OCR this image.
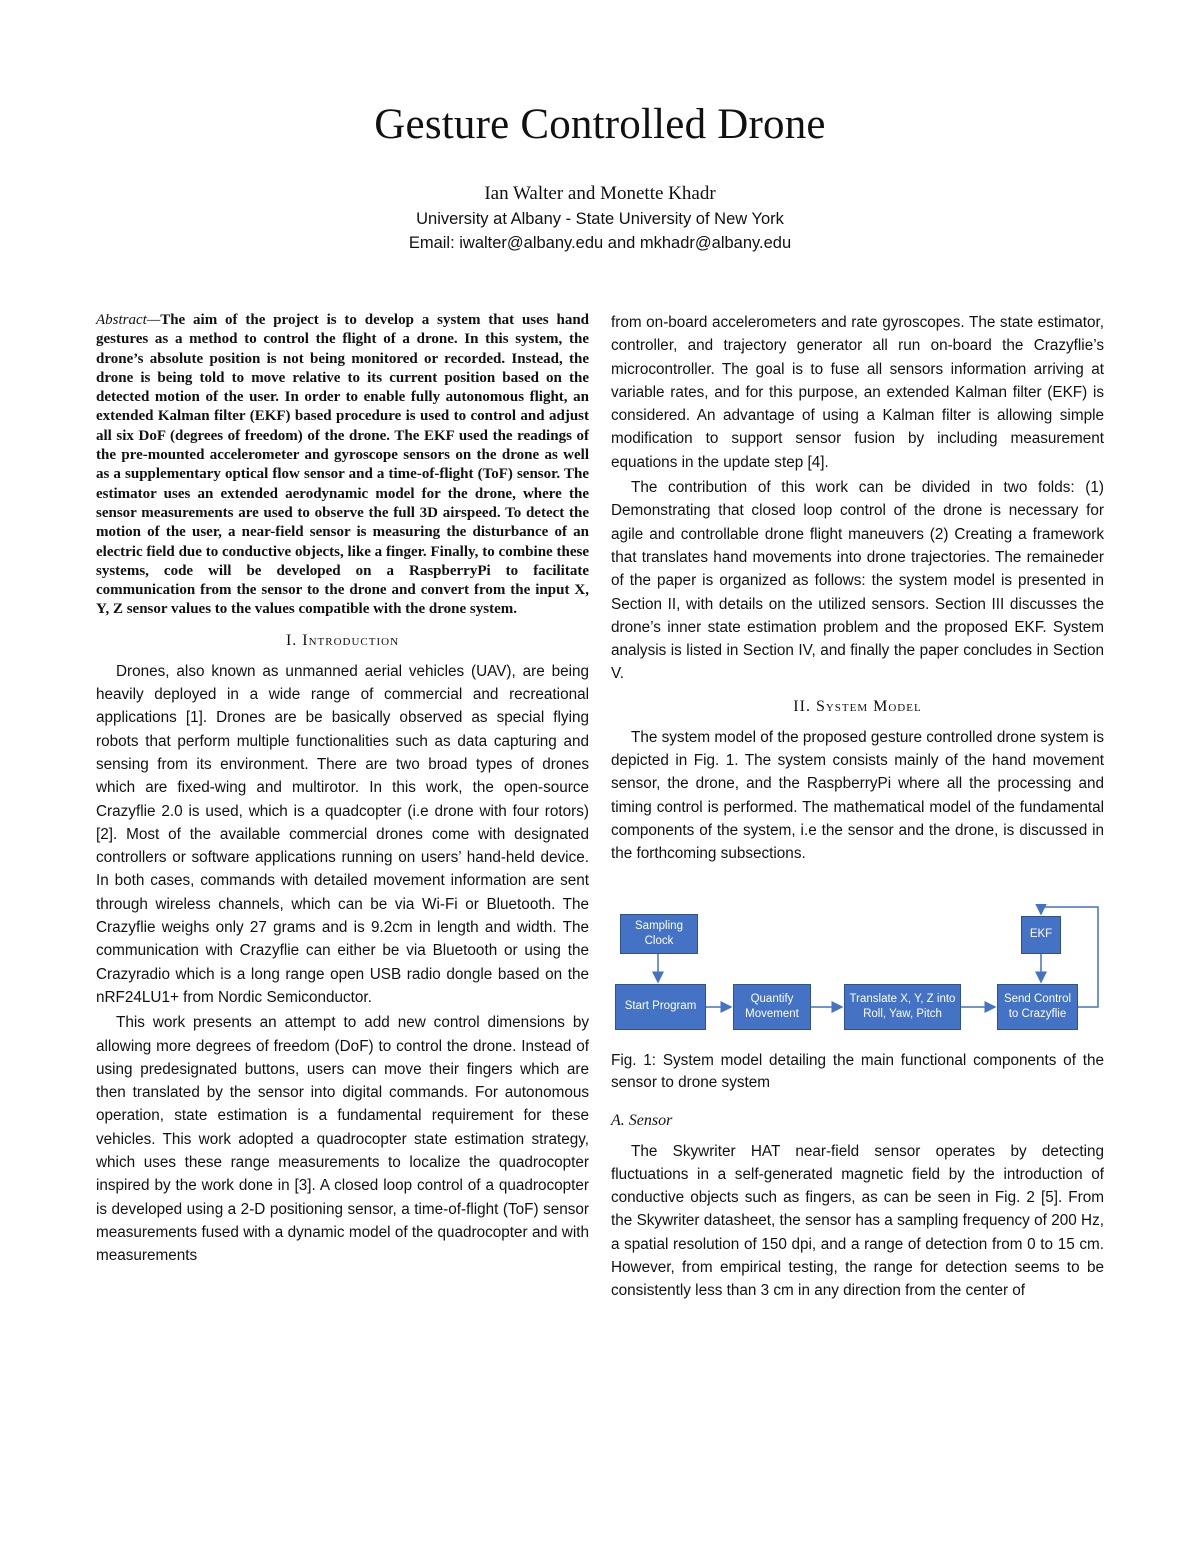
Gesture Controlled Drone
Ian Walter and Monette Khadr
University at Albany - State University of New York
Email: iwalter@albany.edu and mkhadr@albany.edu

Abstract—The aim of the project is to develop a system that uses hand gestures as a method to control the flight of a drone. In this system, the drone’s absolute position is not being monitored or recorded. Instead, the drone is being told to move relative to its current position based on the detected motion of the user. In order to enable fully autonomous flight, an extended Kalman filter (EKF) based procedure is used to control and adjust all six DoF (degrees of freedom) of the drone. The EKF used the readings of the pre-mounted accelerometer and gyroscope sensors on the drone as well as a supplementary optical flow sensor and a time-of-flight (ToF) sensor. The estimator uses an extended aerodynamic model for the drone, where the sensor measurements are used to observe the full 3D airspeed. To detect the motion of the user, a near-field sensor is measuring the disturbance of an electric field due to conductive objects, like a finger. Finally, to combine these systems, code will be developed on a RaspberryPi to facilitate communication from the sensor to the drone and convert from the input X, Y, Z sensor values to the values compatible with the drone system.

I. Introduction

Drones, also known as unmanned aerial vehicles (UAV), are being heavily deployed in a wide range of commercial and recreational applications [1]. Drones are be basically observed as special flying robots that perform multiple functionalities such as data capturing and sensing from its environment. There are two broad types of drones which are fixed-wing and multirotor. In this work, the open-source Crazyflie 2.0 is used, which is a quadcopter (i.e drone with four rotors) [2]. Most of the available commercial drones come with designated controllers or software applications running on users’ hand-held device. In both cases, commands with detailed movement information are sent through wireless channels, which can be via Wi-Fi or Bluetooth. The Crazyflie weighs only 27 grams and is 9.2cm in length and width. The communication with Crazyflie can either be via Bluetooth or using the Crazyradio which is a long range open USB radio dongle based on the nRF24LU1+ from Nordic Semiconductor.

This work presents an attempt to add new control dimensions by allowing more degrees of freedom (DoF) to control the drone. Instead of using predesignated buttons, users can move their fingers which are then translated by the sensor into digital commands. For autonomous operation, state estimation is a fundamental requirement for these vehicles. This work adopted a quadrocopter state estimation strategy, which uses these range measurements to localize the quadrocopter inspired by the work done in [3]. A closed loop control of a quadrocopter is developed using a 2-D positioning sensor, a time-of-flight (ToF) sensor measurements fused with a dynamic model of the quadrocopter and with measurements

from on-board accelerometers and rate gyroscopes. The state estimator, controller, and trajectory generator all run on-board the Crazyflie’s microcontroller. The goal is to fuse all sensors information arriving at variable rates, and for this purpose, an extended Kalman filter (EKF) is considered. An advantage of using a Kalman filter is allowing simple modification to support sensor fusion by including measurement equations in the update step [4].

The contribution of this work can be divided in two folds: (1) Demonstrating that closed loop control of the drone is necessary for agile and controllable drone flight maneuvers (2) Creating a framework that translates hand movements into drone trajectories. The remaineder of the paper is organized as follows: the system model is presented in Section II, with details on the utilized sensors. Section III discusses the drone’s inner state estimation problem and the proposed EKF. System analysis is listed in Section IV, and finally the paper concludes in Section V.

II. System Model

The system model of the proposed gesture controlled drone system is depicted in Fig. 1. The system consists mainly of the hand movement sensor, the drone, and the RaspberryPi where all the processing and timing control is performed. The mathematical model of the fundamental components of the system, i.e the sensor and the drone, is discussed in the forthcoming subsections.

Sampling Clock
EKF
Start Program
Quantify Movement
Translate X, Y, Z into Roll, Yaw, Pitch
Send Control to Crazyflie

Fig. 1: System model detailing the main functional components of the sensor to drone system

A. Sensor

The Skywriter HAT near-field sensor operates by detecting fluctuations in a self-generated magnetic field by the introduction of conductive objects such as fingers, as can be seen in Fig. 2 [5]. From the Skywriter datasheet, the sensor has a sampling frequency of 200 Hz, a spatial resolution of 150 dpi, and a range of detection from 0 to 15 cm. However, from empirical testing, the range for detection seems to be consistently less than 3 cm in any direction from the center of
